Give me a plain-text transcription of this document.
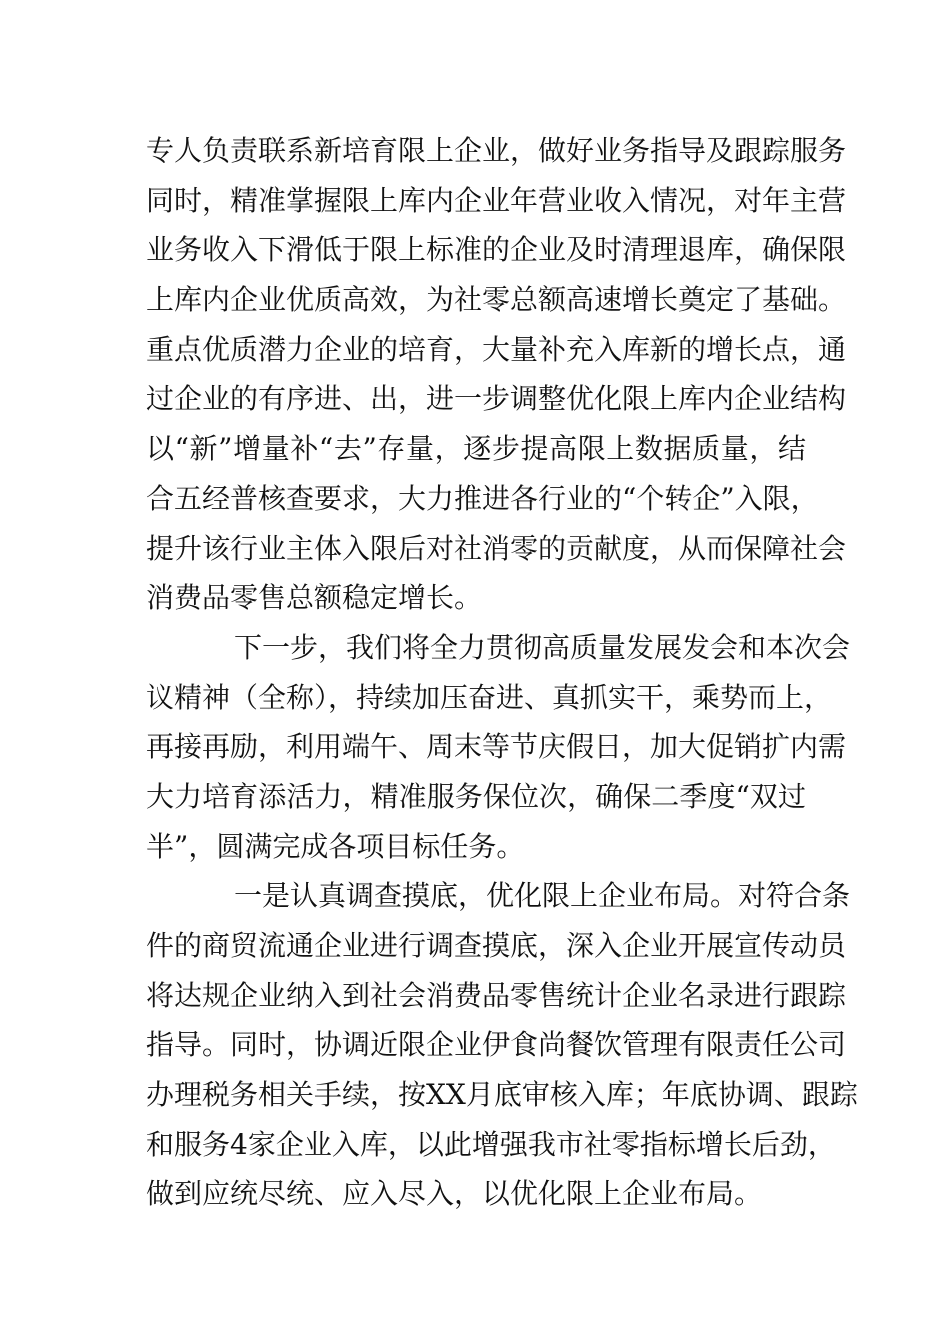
专人负责联系新培育限上企业，做好业务指导及跟踪服务
同时，精准掌握限上库内企业年营业收入情况，对年主营
业务收入下滑低于限上标准的企业及时清理退库，确保限
上库内企业优质高效，为社零总额高速增长奠定了基础。
重点优质潜力企业的培育，大量补充入库新的增长点，通
过企业的有序进、出，进一步调整优化限上库内企业结构
以“新”增量补“去”存量，逐步提高限上数据质量，结
合五经普核查要求，大力推进各行业的“个转企”入限，
提升该行业主体入限后对社消零的贡献度，从而保障社会
消费品零售总额稳定增长。
下一步，我们将全力贯彻高质量发展发会和本次会
议精神（全称），持续加压奋进、真抓实干，乘势而上，
再接再励，利用端午、周末等节庆假日，加大促销扩内需
大力培育添活力，精准服务保位次，确保二季度“双过
半”，圆满完成各项目标任务。
一是认真调查摸底，优化限上企业布局。对符合条
件的商贸流通企业进行调查摸底，深入企业开展宣传动员
将达规企业纳入到社会消费品零售统计企业名录进行跟踪
指导。同时，协调近限企业伊食尚餐饮管理有限责任公司
办理税务相关手续，按XX月底审核入库；年底协调、跟踪
和服务4家企业入库，以此增强我市社零指标增长后劲，
做到应统尽统、应入尽入，以优化限上企业布局。
